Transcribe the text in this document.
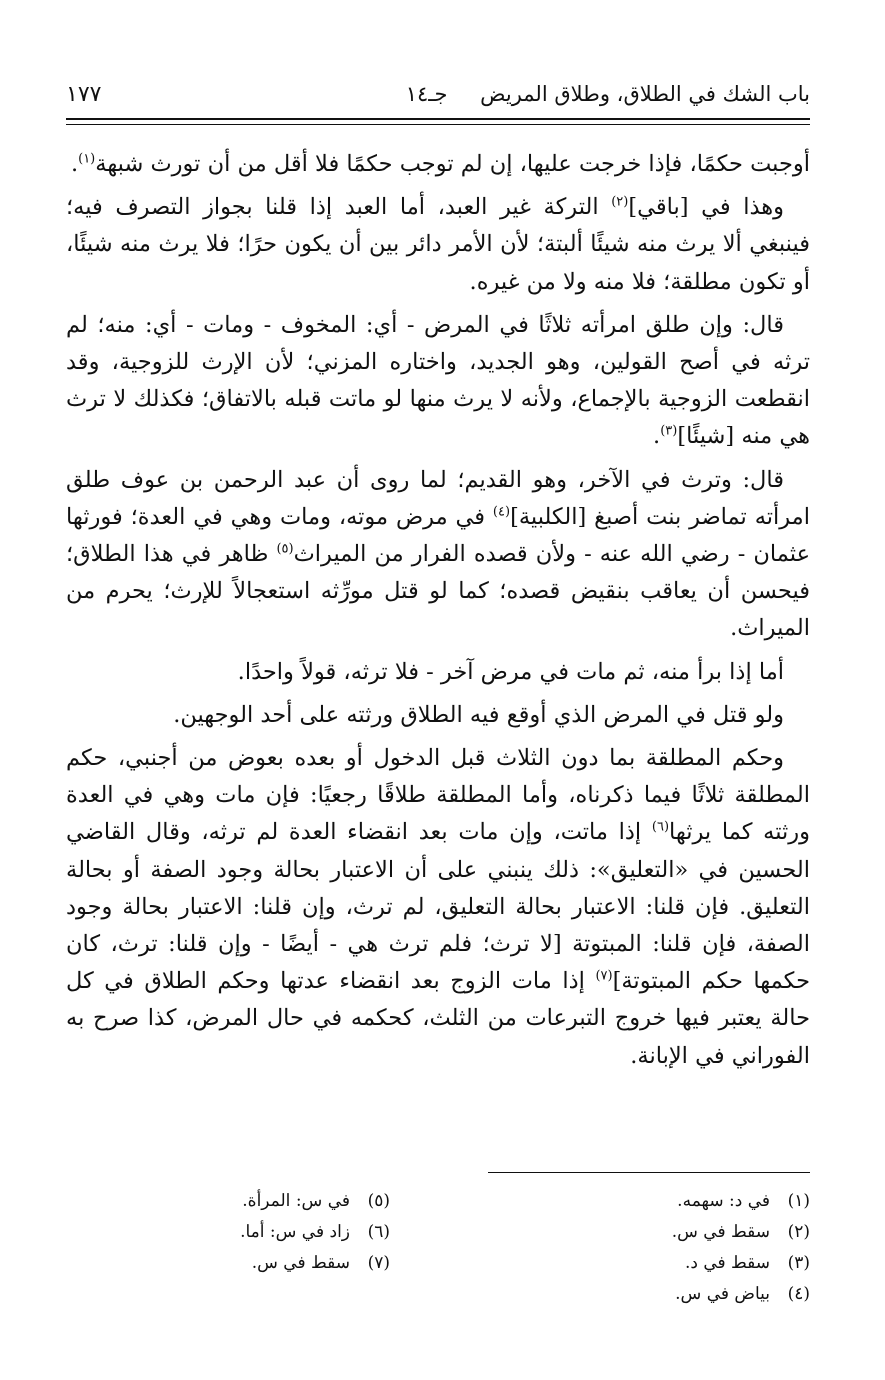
باب الشك في الطلاق، وطلاق المريض جـ١٤
١٧٧

أوجبت حكمًا، فإذا خرجت عليها، إن لم توجب حكمًا فلا أقل من أن تورث شبهة$^{(١)}$.

وهذا في [باقي]$^{(٢)}$ التركة غير العبد، أما العبد إذا قلنا بجواز التصرف فيه؛ فينبغي ألا يرث منه شيئًا ألبتة؛ لأن الأمر دائر بين أن يكون حرًا؛ فلا يرث منه شيئًا، أو تكون مطلقة؛ فلا منه ولا من غيره.

قال: وإن طلق امرأته ثلاثًا في المرض - أي: المخوف - ومات - أي: منه؛ لم ترثه في أصح القولين، وهو الجديد، واختاره المزني؛ لأن الإرث للزوجية، وقد انقطعت الزوجية بالإجماع، ولأنه لا يرث منها لو ماتت قبله بالاتفاق؛ فكذلك لا ترث هي منه [شيئًا]$^{(٣)}$.

قال: وترث في الآخر، وهو القديم؛ لما روى أن عبد الرحمن بن عوف طلق امرأته تماضر بنت أصبغ [الكلبية]$^{(٤)}$ في مرض موته، ومات وهي في العدة؛ فورثها عثمان - رضي الله عنه - ولأن قصده الفرار من الميراث$^{(٥)}$ ظاهر في هذا الطلاق؛ فيحسن أن يعاقب بنقيض قصده؛ كما لو قتل مورِّثه استعجالاً للإرث؛ يحرم من الميراث.

أما إذا برأ منه، ثم مات في مرض آخر - فلا ترثه، قولاً واحدًا.

ولو قتل في المرض الذي أوقع فيه الطلاق ورثته على أحد الوجهين.

وحكم المطلقة بما دون الثلاث قبل الدخول أو بعده بعوض من أجنبي، حكم المطلقة ثلاثًا فيما ذكرناه، وأما المطلقة طلاقًا رجعيًا: فإن مات وهي في العدة ورثته كما يرثها$^{(٦)}$ إذا ماتت، وإن مات بعد انقضاء العدة لم ترثه، وقال القاضي الحسين في «التعليق»: ذلك ينبني على أن الاعتبار بحالة وجود الصفة أو بحالة التعليق. فإن قلنا: الاعتبار بحالة التعليق، لم ترث، وإن قلنا: الاعتبار بحالة وجود الصفة، فإن قلنا: المبتوتة [لا ترث؛ فلم ترث هي - أيضًا - وإن قلنا: ترث، كان حكمها حكم المبتوتة]$^{(٧)}$ إذا مات الزوج بعد انقضاء عدتها وحكم الطلاق في كل حالة يعتبر فيها خروج التبرعات من الثلث، كحكمه في حال المرض، كذا صرح به الفوراني في الإبانة.

(١)
في د: سهمه.
(٢)
سقط في س.
(٣)
سقط في د.
(٤)
بياض في س.
(٥)
في س: المرأة.
(٦)
زاد في س: أما.
(٧)
سقط في س.
